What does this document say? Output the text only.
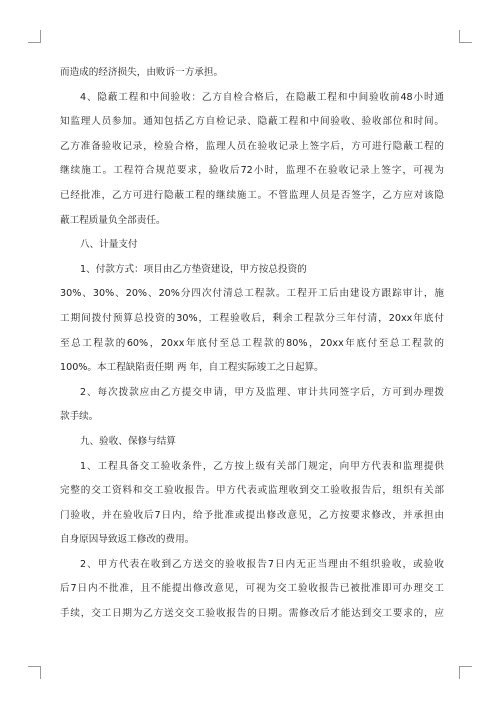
而造成的经济损失，由败诉一方承担。
4、隐蔽工程和中间验收：乙方自检合格后，在隐蔽工程和中间验收前48小时通
知监理人员参加。通知包括乙方自检记录、隐蔽工程和中间验收、验收部位和时间。
乙方准备验收记录，检验合格，监理人员在验收记录上签字后，方可进行隐蔽工程的
继续施工。工程符合规范要求，验收后72小时，监理不在验收记录上签字，可视为
已经批准，乙方可进行隐蔽工程的继续施工。不管监理人员是否签字，乙方应对该隐
蔽工程质量负全部责任。
八、计量支付
1、付款方式：项目由乙方垫资建设，甲方按总投资的
30%、30%、20%、20%分四次付清总工程款。工程开工后由建设方跟踪审计，施
工期间拨付预算总投资的30%，工程验收后，剩余工程款分三年付清，20xx年底付
至总工程款的60%，20xx年底付至总工程款的80%，20xx年底付至总工程款的
100%。本工程缺陷责任期 两 年，自工程实际竣工之日起算。
2、每次拨款应由乙方提交申请，甲方及监理、审计共同签字后，方可到办理拨
款手续。
九、验收、保修与结算
1、工程具备交工验收条件，乙方按上级有关部门规定，向甲方代表和监理提供
完整的交工资料和交工验收报告。甲方代表或监理收到交工验收报告后，组织有关部
门验收，并在验收后7日内，给予批准或提出修改意见，乙方按要求修改，并承担由
自身原因导致返工修改的费用。
2、甲方代表在收到乙方送交的验收报告7日内无正当理由不组织验收，或验收
后7日内不批准，且不能提出修改意见，可视为交工验收报告已被批准即可办理交工
手续，交工日期为乙方送交交工验收报告的日期。需修改后才能达到交工要求的，应
